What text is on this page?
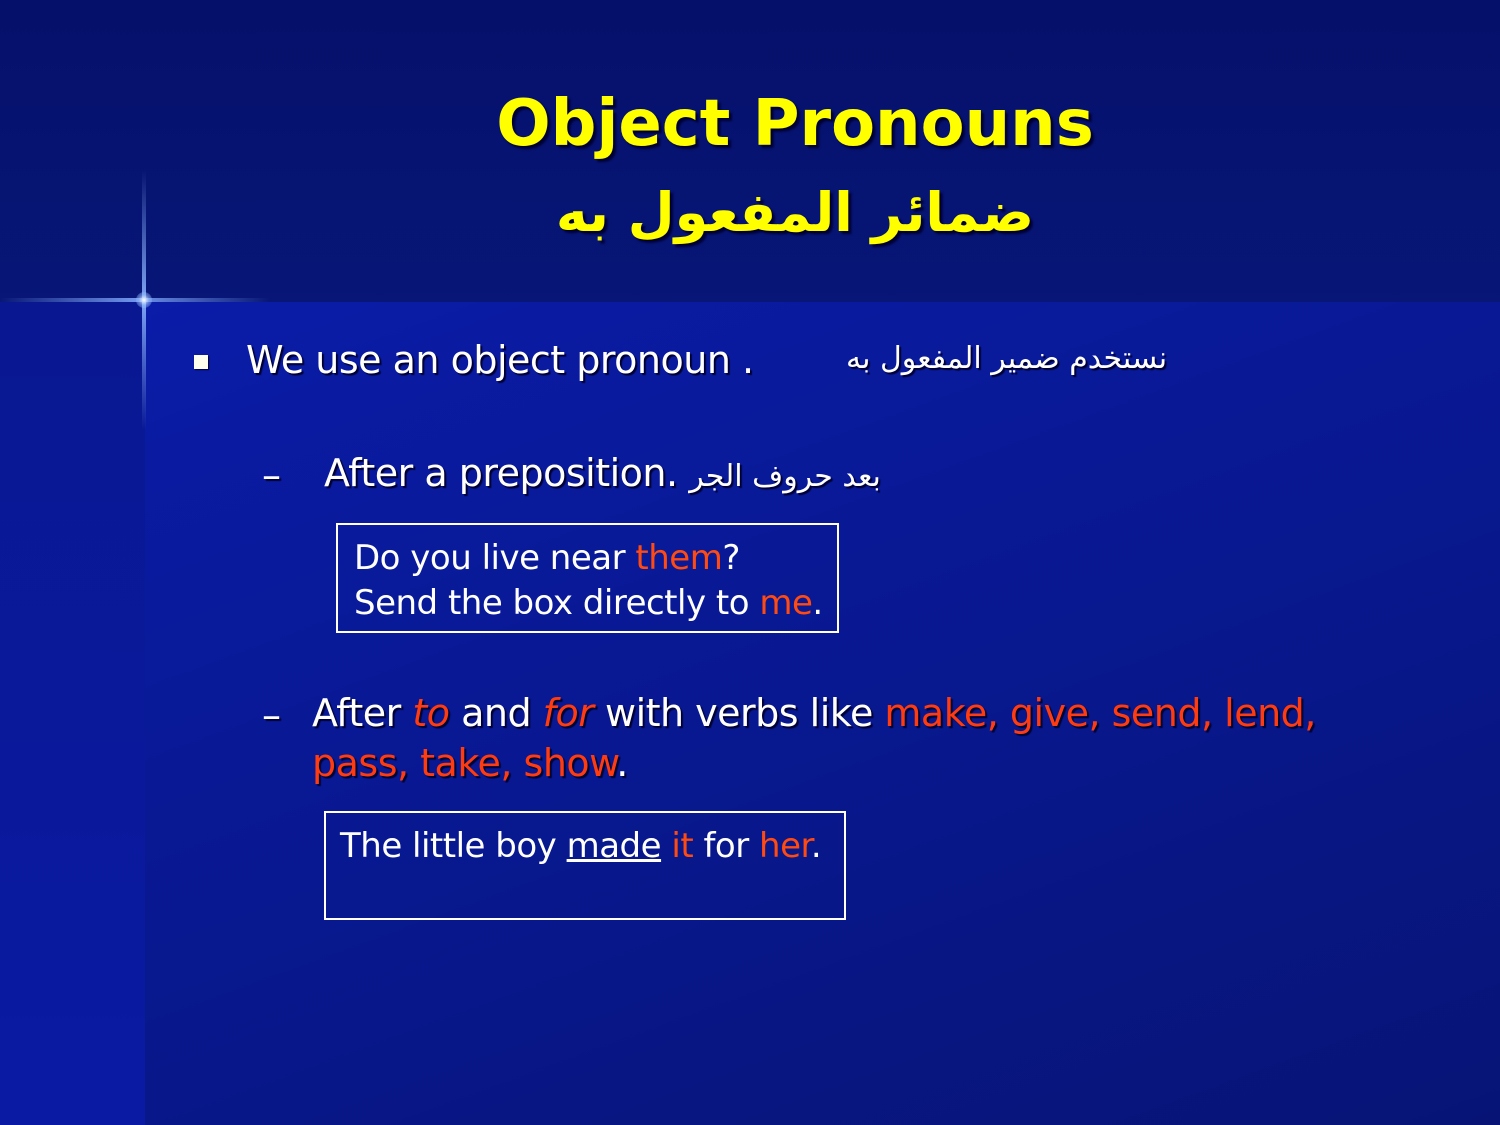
Object Pronouns
ضمائر المفعول به
We use an object pronoun .	نستخدم ضمير المفعول به
– After a preposition. بعد حروف الجر
Do you live near them?
Send the box directly to me.
– After to and for with verbs like make, give, send, lend, pass, take, show.
The little boy made it for her.
